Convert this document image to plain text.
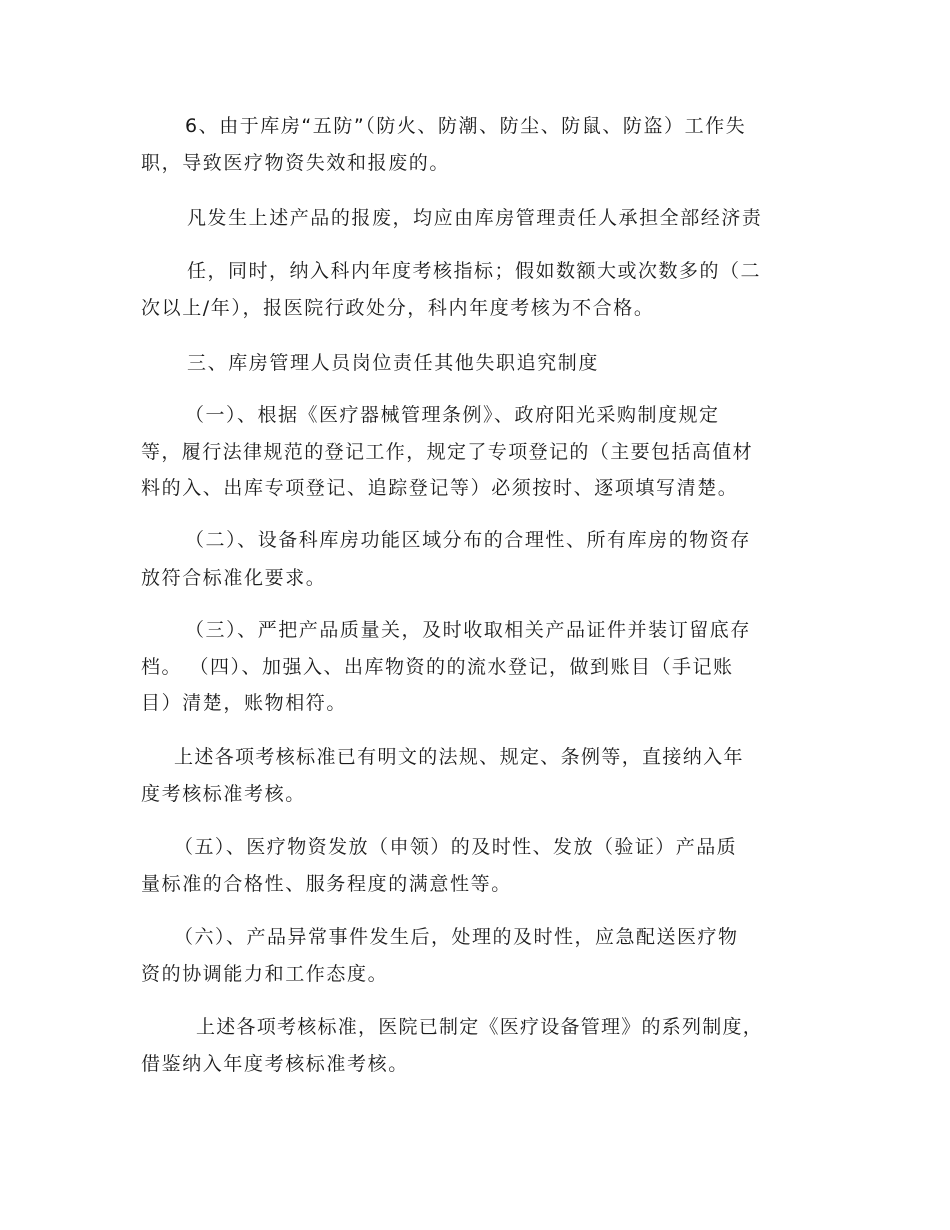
6、由于库房“五防”（防火、防潮、防尘、防鼠、防盗）工作失

职，导致医疗物资失效和报废的。

凡发生上述产品的报废，均应由库房管理责任人承担全部经济责

任，同时，纳入科内年度考核指标；假如数额大或次数多的（二

次以上/年），报医院行政处分，科内年度考核为不合格。

三、库房管理人员岗位责任其他失职追究制度

（一）、根据《医疗器械管理条例》、政府阳光采购制度规定

等，履行法律规范的登记工作，规定了专项登记的（主要包括高值材

料的入、出库专项登记、追踪登记等）必须按时、逐项填写清楚。

（二）、设备科库房功能区域分布的合理性、所有库房的物资存

放符合标准化要求。

（三）、严把产品质量关，及时收取相关产品证件并装订留底存

档。 （四）、加强入、出库物资的的流水登记，做到账目（手记账

目）清楚，账物相符。

上述各项考核标准已有明文的法规、规定、条例等，直接纳入年

度考核标准考核。

（五）、医疗物资发放（申领）的及时性、发放（验证）产品质

量标准的合格性、服务程度的满意性等。

（六）、产品异常事件发生后，处理的及时性，应急配送医疗物

资的协调能力和工作态度。

上述各项考核标准，医院已制定《医疗设备管理》的系列制度，

借鉴纳入年度考核标准考核。
